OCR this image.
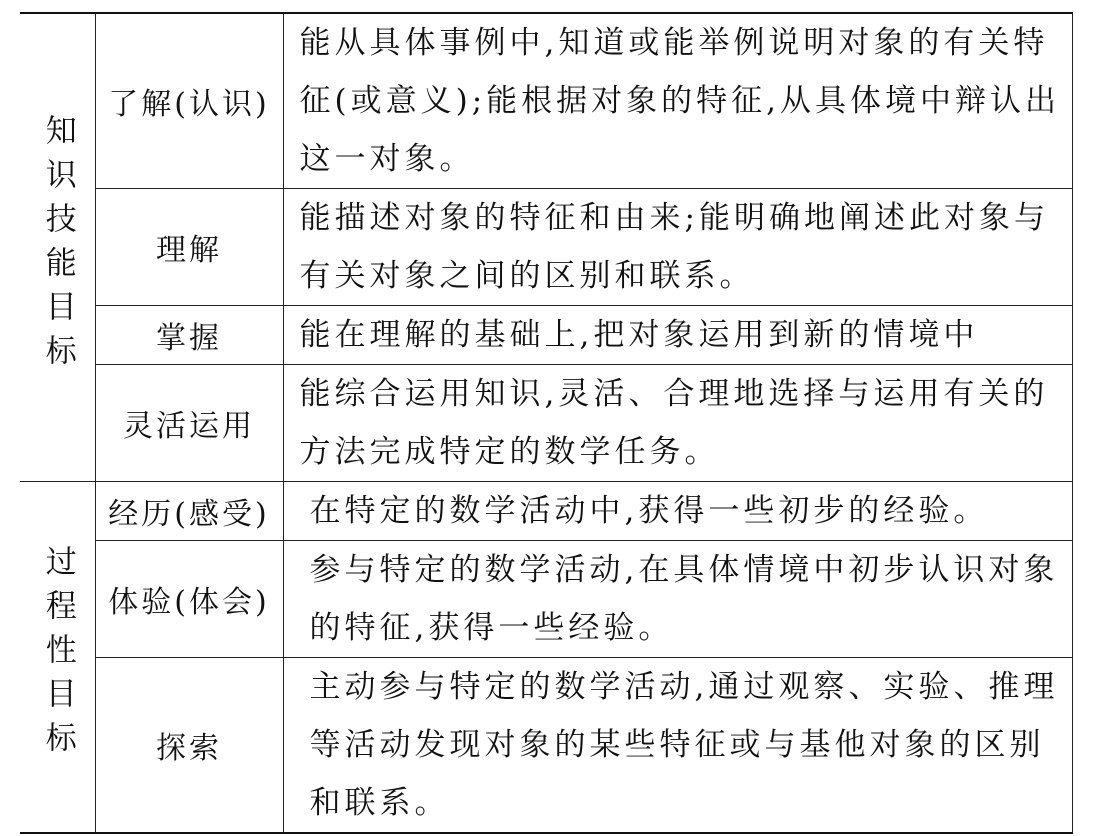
知识技能目标	了解(认识)	能从具体事例中,知道或能举例说明对象的有关特征(或意义);能根据对象的特征,从具体境中辩认出这一对象。
	理解	能描述对象的特征和由来;能明确地阐述此对象与有关对象之间的区别和联系。
	掌握	能在理解的基础上,把对象运用到新的情境中
	灵活运用	能综合运用知识,灵活、合理地选择与运用有关的方法完成特定的数学任务。
过程性目标	经历(感受)	在特定的数学活动中,获得一些初步的经验。
	体验(体会)	参与特定的数学活动,在具体情境中初步认识对象的特征,获得一些经验。
	探索	主动参与特定的数学活动,通过观察、实验、推理等活动发现对象的某些特征或与基他对象的区别和联系。
